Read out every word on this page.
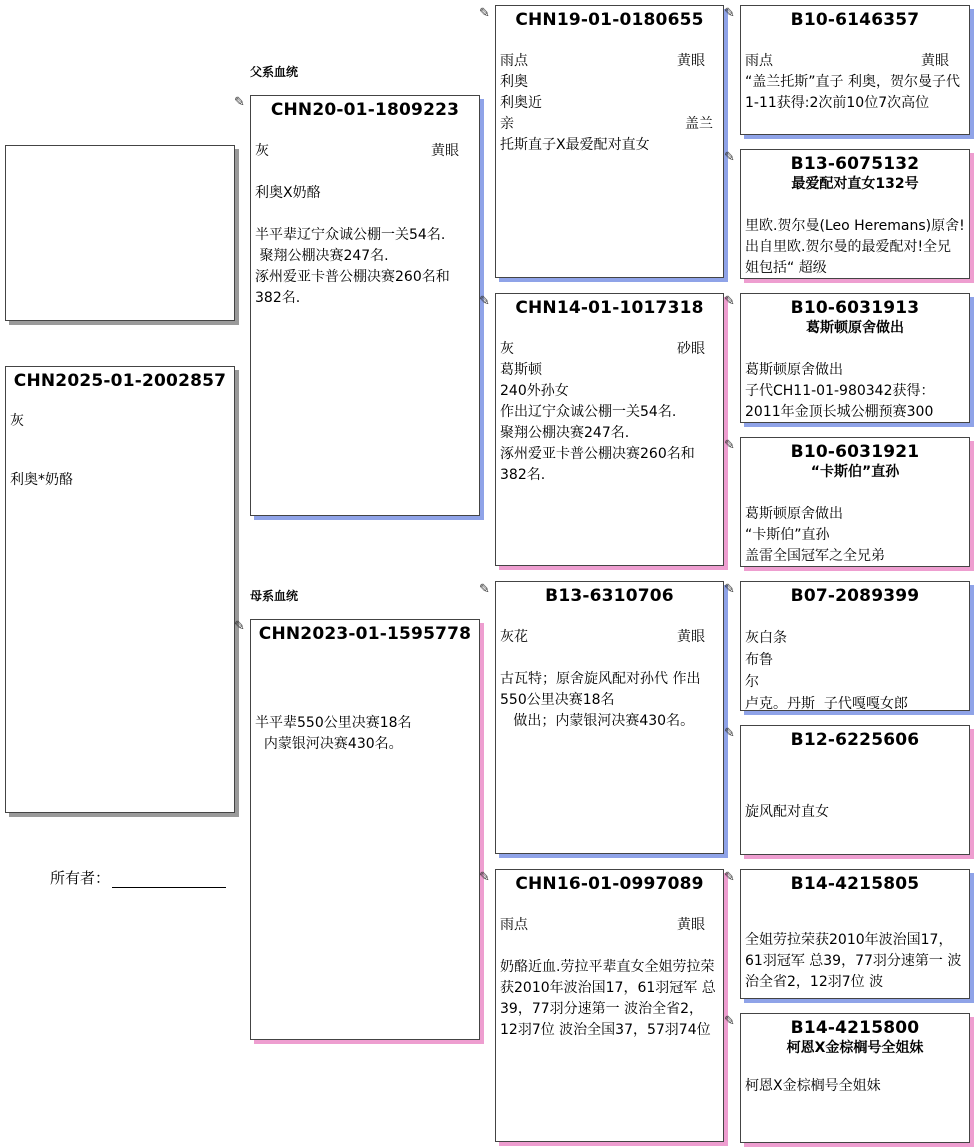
CHN2025-01-2002857
灰
利奥*奶酪
所有者：
父系血统
母系血统
✎	CHN20-01-1809223
灰	黄眼
利奥X奶酪
半平辈辽宁众诚公棚一关54名.
聚翔公棚决赛247名.
涿州爱亚卡普公棚决赛260名和382名.
✎ CHN2023-01-1595778
半平辈550公里决赛18名
内蒙银河决赛430名。
✎	CHN19-01-0180655
雨点	黄眼
利奥
利奥近
亲	盖兰
托斯直子X最爱配对直女
✎	CHN14-01-1017318
灰	砂眼
葛斯顿
240外孙女
作出辽宁众诚公棚一关54名.
聚翔公棚决赛247名.
涿州爱亚卡普公棚决赛260名和382名.
✎	B13-6310706
灰花	黄眼
古瓦特；原舍旋风配对孙代 作出550公里决赛18名
做出；内蒙银河决赛430名。
✎	CHN16-01-0997089
雨点	黄眼
奶酪近血.劳拉平辈直女全姐劳拉荣获2010年波治国17，61羽冠军 总39，77羽分速第一 波治全省2，12羽7位 波治全国37，57羽74位
✎	B10-6146357
雨点	黄眼
“盖兰托斯”直子 利奥，贺尔曼子代1-11获得:2次前10位7次高位
✎	B13-6075132
最爱配对直女132号
里欧.贺尔曼(Leo Heremans)原舍!出自里欧.贺尔曼的最爱配对!全兄姐包括“ 超级
✎	B10-6031913
葛斯顿原舍做出
葛斯顿原舍做出
子代CH11-01-980342获得：2011年金顶长城公棚预赛300
✎	B10-6031921
“卡斯伯”直孙
葛斯顿原舍做出
“卡斯伯”直孙
盖雷全国冠军之全兄弟
✎	B07-2089399
灰白条
布鲁
尔
卢克。丹斯  子代嘎嘎女郎
✎	B12-6225606
旋风配对直女
✎	B14-4215805
全姐劳拉荣获2010年波治国17，61羽冠军 总39，77羽分速第一 波治全省2，12羽7位 波
✎	B14-4215800
柯恩X金棕榈号全姐妹
柯恩X金棕榈号全姐妹
